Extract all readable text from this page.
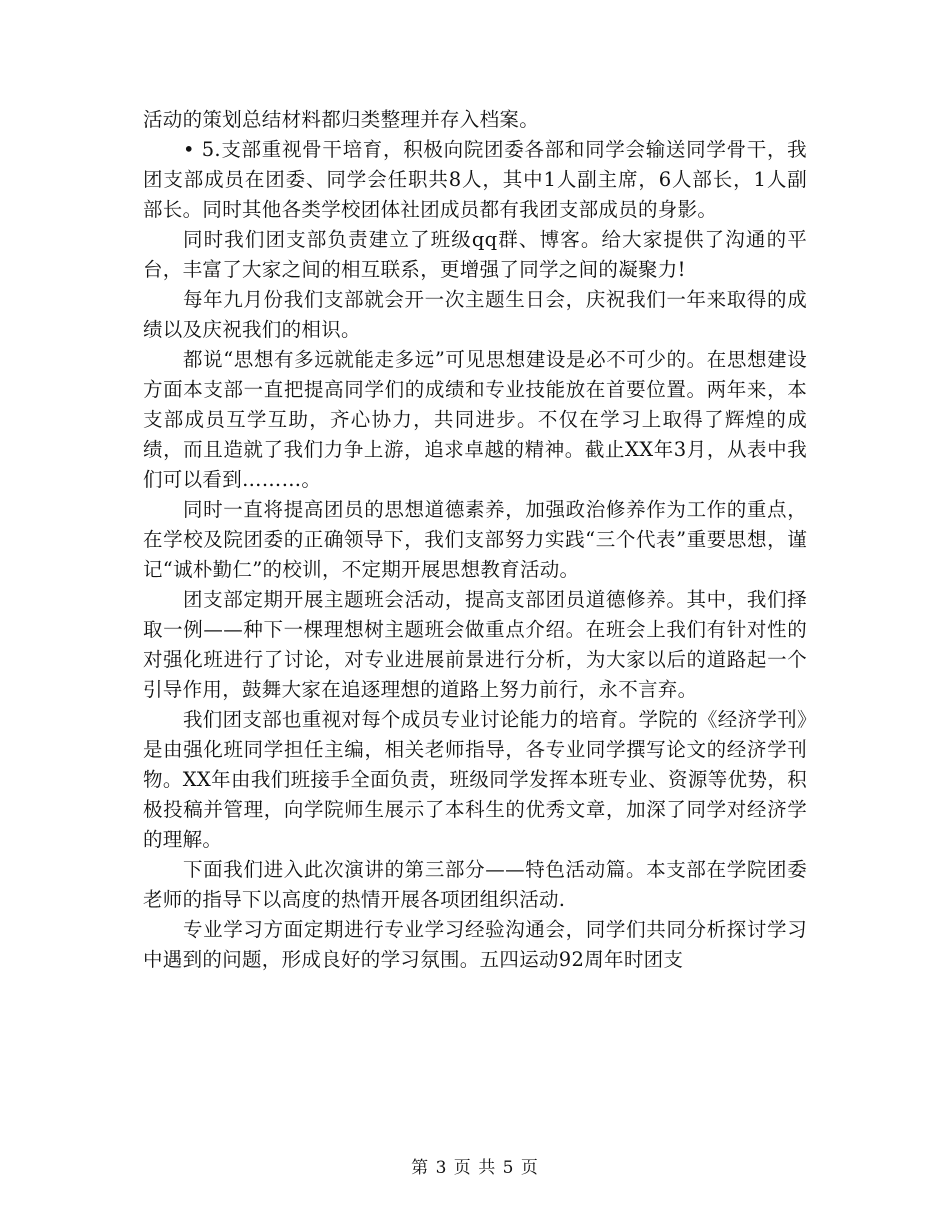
活动的策划总结材料都归类整理并存入档案。

• 5.支部重视骨干培育，积极向院团委各部和同学会输送同学骨干，我团支部成员在团委、同学会任职共8人，其中1人副主席，6人部长，1人副部长。同时其他各类学校团体社团成员都有我团支部成员的身影。

同时我们团支部负责建立了班级qq群、博客。给大家提供了沟通的平台，丰富了大家之间的相互联系，更增强了同学之间的凝聚力!

每年九月份我们支部就会开一次主题生日会，庆祝我们一年来取得的成绩以及庆祝我们的相识。

都说“思想有多远就能走多远”可见思想建设是必不可少的。在思想建设方面本支部一直把提高同学们的成绩和专业技能放在首要位置。两年来，本支部成员互学互助，齐心协力，共同进步。不仅在学习上取得了辉煌的成绩，而且造就了我们力争上游，追求卓越的精神。截止XX年3月，从表中我们可以看到………。

同时一直将提高团员的思想道德素养，加强政治修养作为工作的重点，在学校及院团委的正确领导下，我们支部努力实践“三个代表”重要思想，谨记“诚朴勤仁”的校训，不定期开展思想教育活动。

团支部定期开展主题班会活动，提高支部团员道德修养。其中，我们择取一例——种下一棵理想树主题班会做重点介绍。在班会上我们有针对性的对强化班进行了讨论，对专业进展前景进行分析，为大家以后的道路起一个引导作用，鼓舞大家在追逐理想的道路上努力前行，永不言弃。

我们团支部也重视对每个成员专业讨论能力的培育。学院的《经济学刊》是由强化班同学担任主编，相关老师指导，各专业同学撰写论文的经济学刊物。XX年由我们班接手全面负责，班级同学发挥本班专业、资源等优势，积极投稿并管理，向学院师生展示了本科生的优秀文章，加深了同学对经济学的理解。

下面我们进入此次演讲的第三部分——特色活动篇。本支部在学院团委老师的指导下以高度的热情开展各项团组织活动.

专业学习方面定期进行专业学习经验沟通会，同学们共同分析探讨学习中遇到的问题，形成良好的学习氛围。五四运动92周年时团支

第 3 页 共 5 页
